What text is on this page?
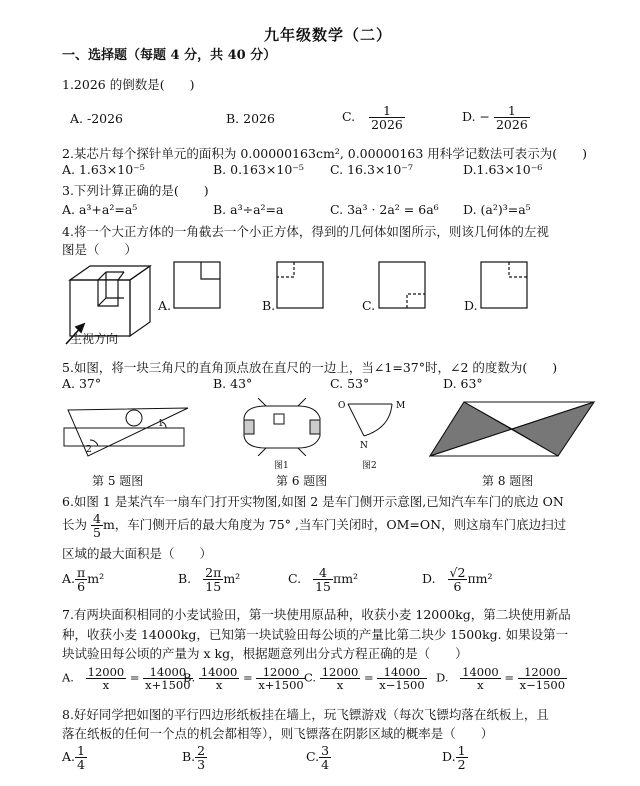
九年级数学（二）
一、选择题（每题 4 分，共 40 分）
1.2026 的倒数是(　　)
A. -2026	B. 2026	C. $\frac{1}{2026}$	D. − $\frac{1}{2026}$
2.某芯片每个探针单元的面积为 0.00000163cm², 0.00000163 用科学记数法可表示为(　　)
A. 1.63×10⁻⁵	B. 0.163×10⁻⁵ C. 16.3×10⁻⁷	D.1.63×10⁻⁶
3.下列计算正确的是(　　)
A. a³+a²=a⁵	B. a³÷a²=a	C. 3a³ · 2a² = 6a⁶ D. (a²)³=a⁵
4.将一个大正方体的一角截去一个小正方体，得到的几何体如图所示，则该几何体的左视
图是（　　）
主视方向
A.	B.	C.	D.
5.如图，将一块三角尺的直角顶点放在直尺的一边上，当∠1=37°时，∠2 的度数为(　　)
A. 37°	B. 43°	C. 53°	D. 63°
1
2
图1
O	M
N
图2
第 5 题图	第 6 题图	第 8 题图
6.如图 1 是某汽车一扇车门打开实物图,如图 2 是车门侧开示意图,已知汽车车门的底边 ON
长为 $\frac{4}{5}$ m，车门侧开后的最大角度为 75° ,当车门关闭时，OM=ON，则这扇车门底边扫过
区域的最大面积是（　　）
A. $\frac{\pi}{6} m^2$	B. $\frac{2\pi}{15} m^2$	C. $\frac{4}{15} \pi m^2$	D. $\frac{√2}{6} \pi m^2$
7.有两块面积相同的小麦试验田，第一块使用原品种，收获小麦 12000kg，第二块使用新品
种，收获小麦 14000kg，已知第一块试验田每公顷的产量比第二块少 1500kg. 如果设第一
块试验田每公顷的产量为 x kg，根据题意列出分式方程正确的是（　　）
A. $\frac{12000}{x} = \frac{14000}{x+1500}$
B. $\frac{14000}{x} = \frac{12000}{x+1500}$
C. $\frac{12000}{x} = \frac{14000}{x-1500} D$. $\frac{14000}{x} = \frac{12000}{x-1500}$
8.好好同学把如图的平行四边形纸板挂在墙上，玩飞镖游戏（每次飞镖均落在纸板上，且
落在纸板的任何一个点的机会都相等），则飞镖落在阴影区域的概率是（　　）
A. $\frac{1}{4}$	B. $\frac{2}{3}$	C. $\frac{3}{4}$	D. $\frac{1}{2}$
